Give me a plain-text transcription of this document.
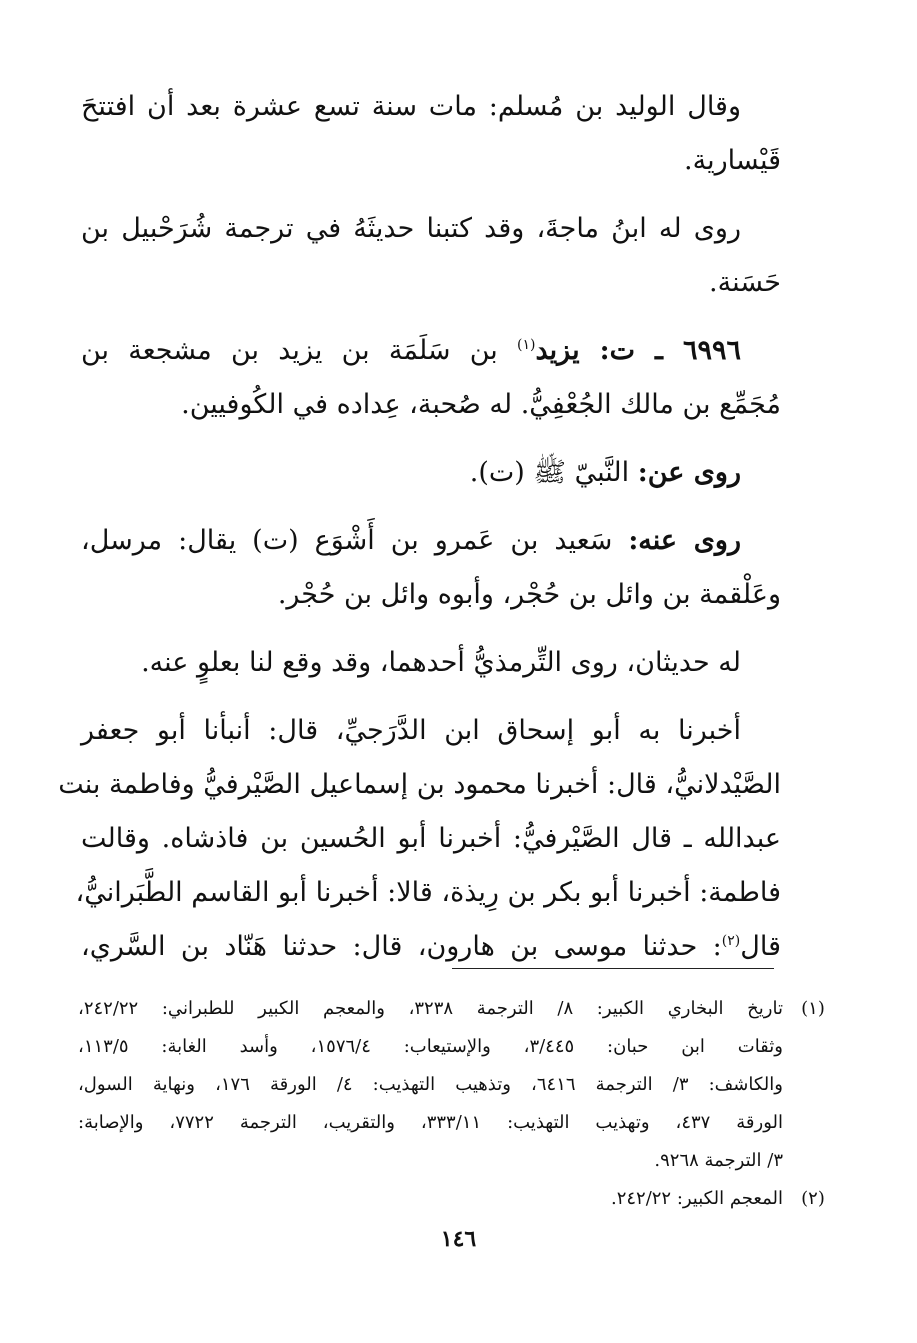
وقال الوليد بن مُسلم: مات سنة تسع عشرة بعد أن افتتحَ
قَيْسارية.
روى له ابنُ ماجةَ، وقد كتبنا حديثَهُ في ترجمة شُرَحْبيل بن
حَسَنة.
٦٩٩٦ ـ ت: يزيد$^{(١)}$ بن سَلَمَة بن يزيد بن مشجعة بن
مُجَمِّع بن مالك الجُعْفِيُّ. له صُحبة، عِداده في الكُوفيين.
روى عن: النَّبيّ ﷺ (ت).
روى عنه: سَعيد بن عَمرو بن أَشْوَع (ت) يقال: مرسل،
وعَلْقمة بن وائل بن حُجْر، وأبوه وائل بن حُجْر.
له حديثان، روى التِّرمذيُّ أحدهما، وقد وقع لنا بعلوٍ عنه.
أخبرنا به أبو إسحاق ابن الدَّرَجيِّ، قال: أنبأنا أبو جعفر
الصَّيْدلانيُّ، قال: أخبرنا محمود بن إسماعيل الصَّيْرفيُّ وفاطمة بنت
عبدالله ـ قال الصَّيْرفيُّ: أخبرنا أبو الحُسين بن فاذشاه. وقالت
فاطمة: أخبرنا أبو بكر بن رِيذة، قالا: أخبرنا أبو القاسم الطَّبَرانيُّ،
قال$^{(٢)}$: حدثنا موسى بن هارون، قال: حدثنا هَنّاد بن السَّري،
(١)
تاريخ البخاري الكبير: ٨/ الترجمة ٣٢٣٨، والمعجم الكبير للطبراني: ٢٤٢/٢٢،
وثقات ابن حبان: ٣/٤٤٥، والإستيعاب: ١٥٧٦/٤، وأسد الغابة: ١١٣/٥،
والكاشف: ٣/ الترجمة ٦٤١٦، وتذهيب التهذيب: ٤/ الورقة ١٧٦، ونهاية السول،
الورقة ٤٣٧، وتهذيب التهذيب: ٣٣٣/١١، والتقريب، الترجمة ٧٧٢٢، والإصابة:
٣/ الترجمة ٩٢٦٨.
(٢)
المعجم الكبير: ٢٤٢/٢٢.
١٤٦
